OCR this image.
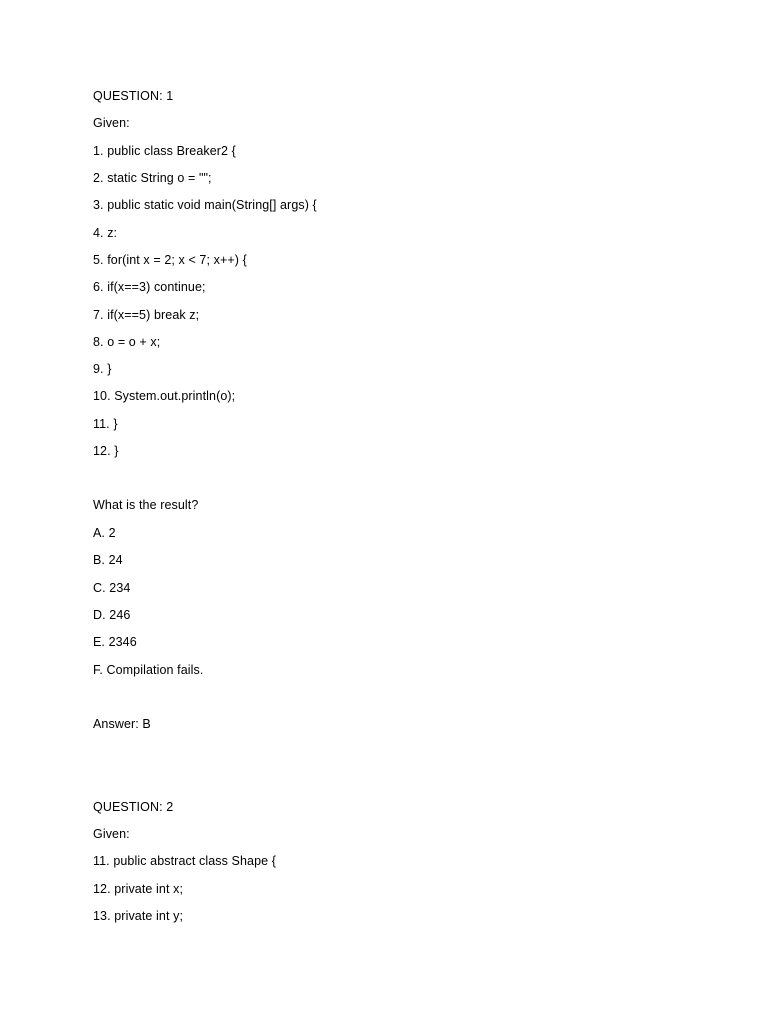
QUESTION: 1
Given:
1. public class Breaker2 {
2. static String o = "";
3. public static void main(String[] args) {
4. z:
5. for(int x = 2; x < 7; x++) {
6. if(x==3) continue;
7. if(x==5) break z;
8. o = o + x;
9. }
10. System.out.println(o);
11. }
12. }
What is the result?
A. 2
B. 24
C. 234
D. 246
E. 2346
F. Compilation fails.
Answer: B
QUESTION: 2
Given:
11. public abstract class Shape {
12. private int x;
13. private int y;
